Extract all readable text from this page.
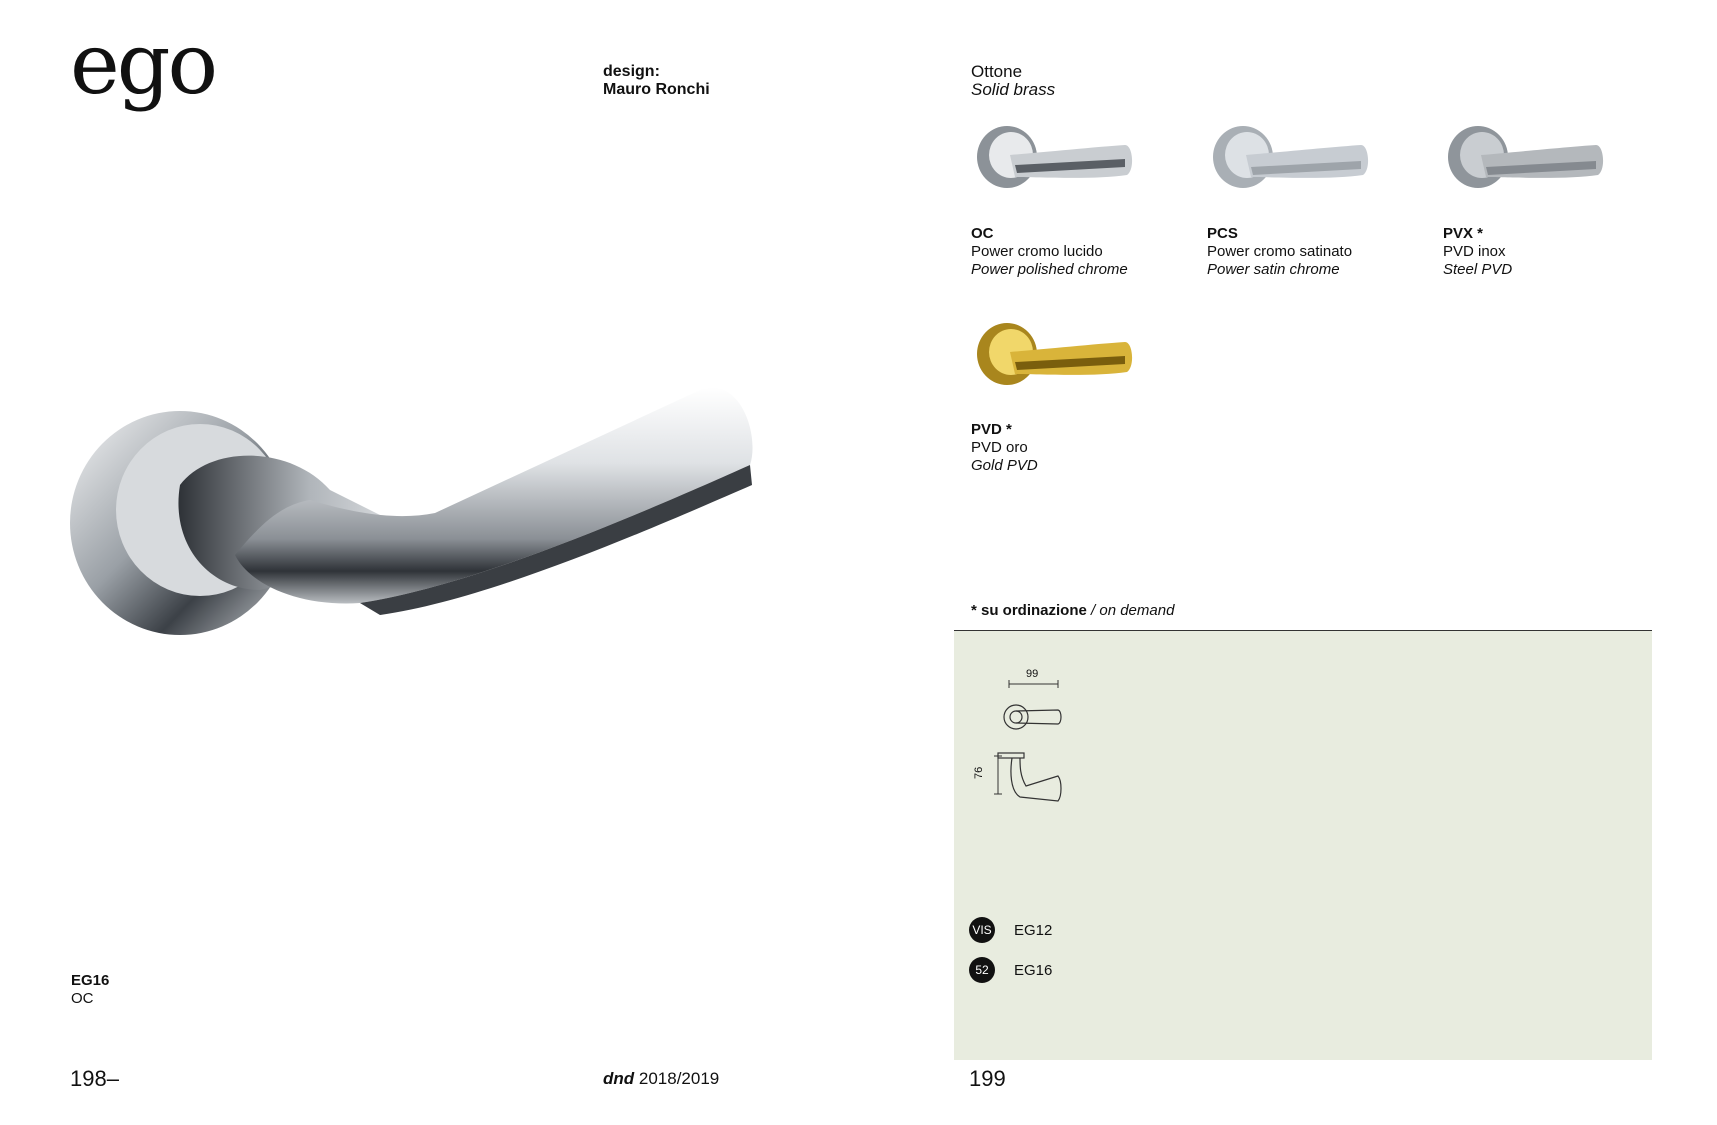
ego	design:
Mauro Ronchi
Ottone
Solid brass
OC
Power cromo lucido
Power polished chrome
PCS
Power cromo satinato
Power satin chrome
PVX *
PVD inox
Steel PVD
PVD *
PVD oro
Gold PVD
* su ordinazione / on demand
99
76
VIS EG12
52	EG16
EG16
OC
198–	dnd 2018/2019	199
